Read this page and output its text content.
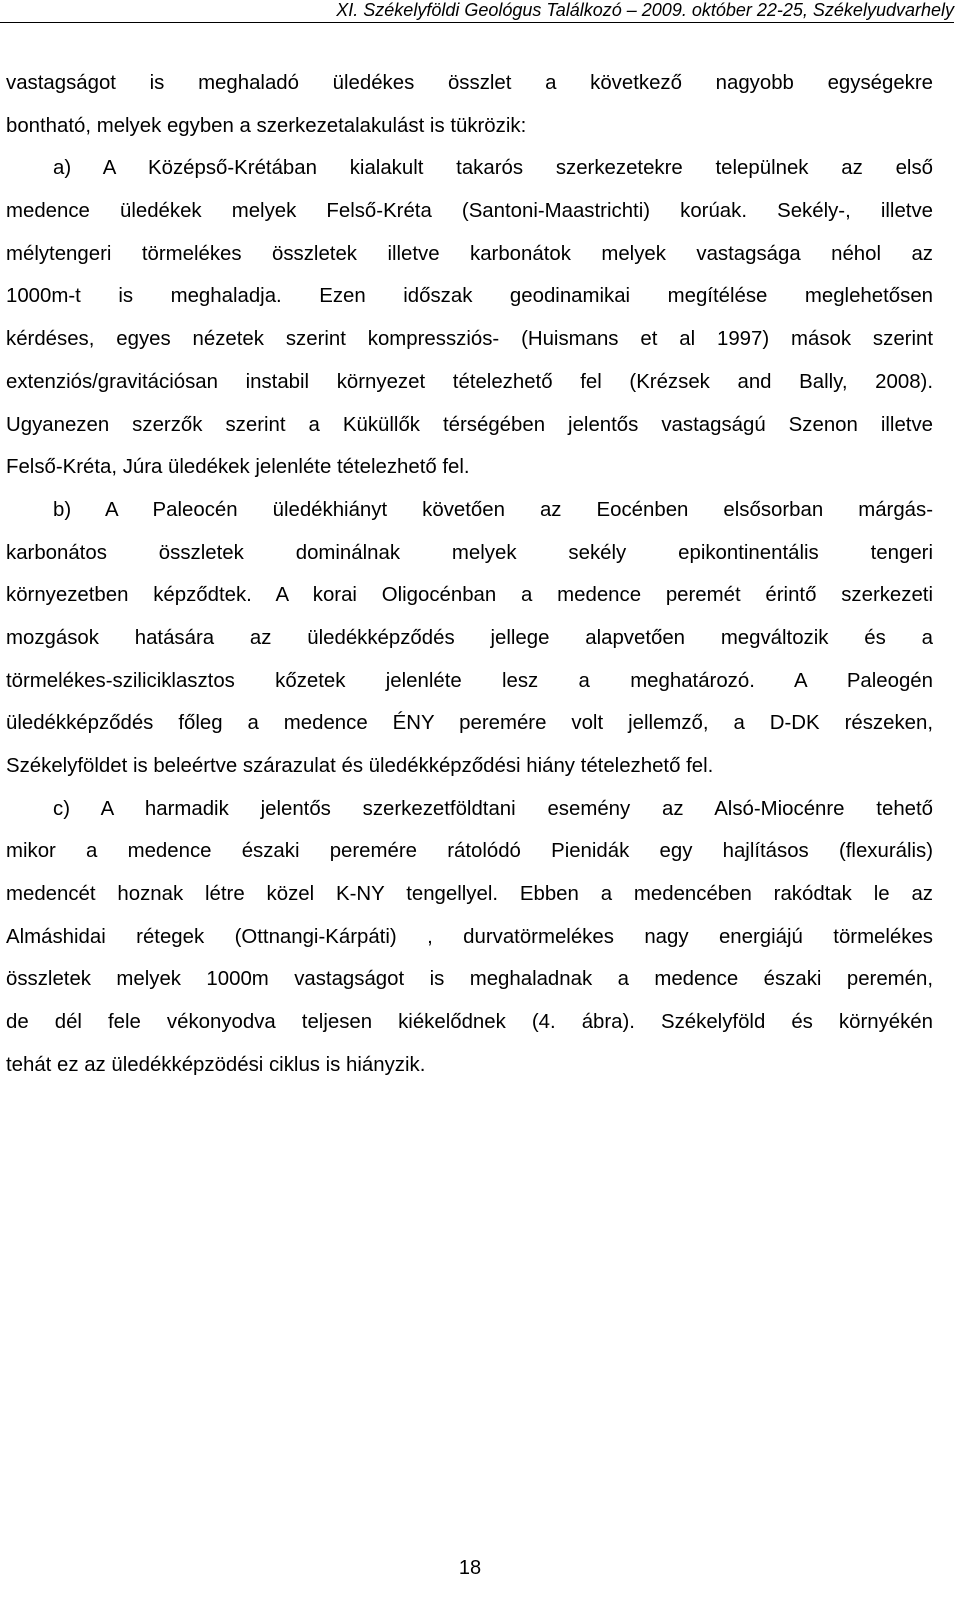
XI. Székelyföldi Geológus Találkozó – 2009. október 22-25, Székelyudvarhely
vastagságot is meghaladó üledékes összlet a következő nagyobb egységekre
bontható, melyek egyben a szerkezetalakulást is tükrözik:
a) A Középső-Krétában kialakult takarós szerkezetekre települnek az első
medence üledékek melyek Felső-Kréta (Santoni-Maastrichti) korúak. Sekély-, illetve
mélytengeri törmelékes összletek illetve karbonátok melyek vastagsága néhol az
1000m-t is meghaladja. Ezen időszak geodinamikai megítélése meglehetősen
kérdéses, egyes nézetek szerint kompressziós- (Huismans et al 1997) mások szerint
extenziós/gravitációsan instabil környezet tételezhető fel (Krézsek and Bally, 2008).
Ugyanezen szerzők szerint a Küküllők térségében jelentős vastagságú Szenon illetve
Felső-Kréta, Júra üledékek jelenléte tételezhető fel.
b) A Paleocén üledékhiányt követően az Eocénben elsősorban márgás-
karbonátos összletek dominálnak melyek sekély epikontinentális tengeri
környezetben képződtek. A korai Oligocénban a medence peremét érintő szerkezeti
mozgások hatására az üledékképződés jellege alapvetően megváltozik és a
törmelékes-sziliciklasztos kőzetek jelenléte lesz a meghatározó. A Paleogén
üledékképződés főleg a medence ÉNY peremére volt jellemző, a D-DK részeken,
Székelyföldet is beleértve szárazulat és üledékképződési hiány tételezhető fel.
c) A harmadik jelentős szerkezetföldtani esemény az Alsó-Miocénre tehető
mikor a medence északi peremére rátolódó Pienidák egy hajlításos (flexurális)
medencét hoznak létre közel K-NY tengellyel. Ebben a medencében rakódtak le az
Almáshidai rétegek (Ottnangi-Kárpáti) , durvatörmelékes nagy energiájú törmelékes
összletek melyek 1000m vastagságot is meghaladnak a medence északi peremén,
de dél fele vékonyodva teljesen kiékelődnek (4. ábra). Székelyföld és környékén
tehát ez az üledékképzödési ciklus is hiányzik.
18
